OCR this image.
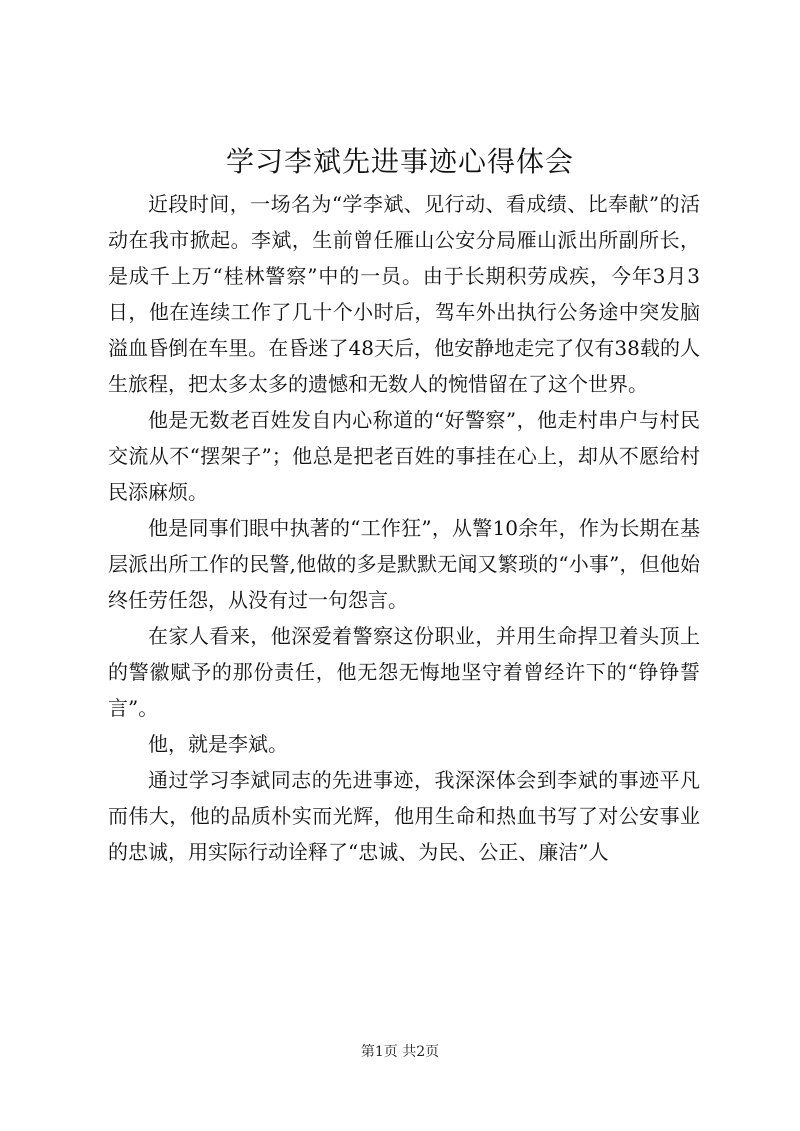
学习李斌先进事迹心得体会

近段时间，一场名为“学李斌、见行动、看成绩、比奉献”的活动在我市掀起。李斌，生前曾任雁山公安分局雁山派出所副所长，是成千上万“桂林警察”中的一员。由于长期积劳成疾，今年3月3日，他在连续工作了几十个小时后，驾车外出执行公务途中突发脑溢血昏倒在车里。在昏迷了48天后，他安静地走完了仅有38载的人生旅程，把太多太多的遗憾和无数人的惋惜留在了这个世界。

他是无数老百姓发自内心称道的“好警察”，他走村串户与村民交流从不“摆架子”；他总是把老百姓的事挂在心上，却从不愿给村民添麻烦。

他是同事们眼中执著的“工作狂”，从警10余年，作为长期在基层派出所工作的民警,他做的多是默默无闻又繁琐的“小事”，但他始终任劳任怨，从没有过一句怨言。

在家人看来，他深爱着警察这份职业，并用生命捍卫着头顶上的警徽赋予的那份责任，他无怨无悔地坚守着曾经许下的“铮铮誓言”。

他，就是李斌。

通过学习李斌同志的先进事迹，我深深体会到李斌的事迹平凡而伟大，他的品质朴实而光辉，他用生命和热血书写了对公安事业的忠诚，用实际行动诠释了“忠诚、为民、公正、廉洁”人

第1页 共2页
